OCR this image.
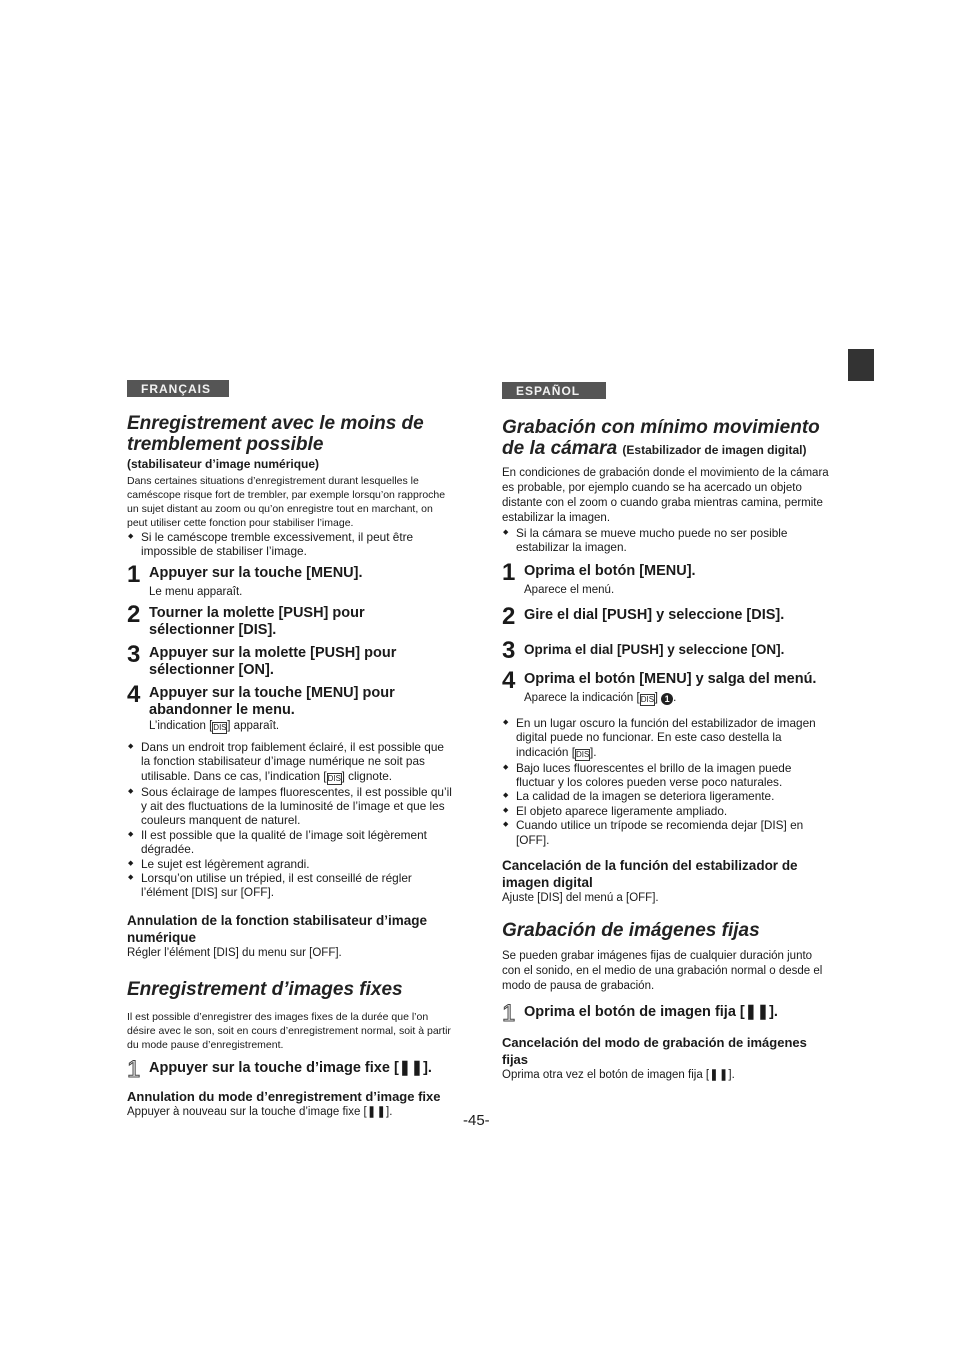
FRANÇAIS
Enregistrement avec le moins de tremblement possible

(stabilisateur d’image numérique)

Dans certaines situations d’enregistrement durant lesquelles le caméscope risque fort de trembler, par exemple lorsqu’on rapproche un sujet distant au zoom ou qu’on enregistre tout en marchant, on peut utiliser cette fonction pour stabiliser l’image.

◆ Si le caméscope tremble excessivement, il peut être impossible de stabiliser l’image.
1 Appuyer sur la touche [MENU].
Le menu apparaît.
2 Tourner la molette [PUSH] pour sélectionner [DIS].
3 Appuyer sur la molette [PUSH] pour sélectionner [ON].
4 Appuyer sur la touche [MENU] pour abandonner le menu.
L’indication [DIS] apparaît.
◆ Dans un endroit trop faiblement éclairé, il est possible que la fonction stabilisateur d’image numérique ne soit pas utilisable. Dans ce cas, l’indication [DIS] clignote.
◆ Sous éclairage de lampes fluorescentes, il est possible qu’il y ait des fluctuations de la luminosité de l’image et que les couleurs manquent de naturel.
◆ Il est possible que la qualité de l’image soit légèrement dégradée.
◆ Le sujet est légèrement agrandi.
◆ Lorsqu’on utilise un trépied, il est conseillé de régler l’élément [DIS] sur [OFF].

Annulation de la fonction stabilisateur d’image numérique

Régler l’élément [DIS] du menu sur [OFF].

Enregistrement d’images fixes

Il est possible d’enregistrer des images fixes de la durée que l’on désire avec le son, soit en cours d’enregistrement normal, soit à partir du mode pause d’enregistrement.

1 Appuyer sur la touche d’image fixe [❚❚].

Annulation du mode d’enregistrement d’image fixe

Appuyer à nouveau sur la touche d’image fixe [❚❚].

ESPAÑOL
Grabación con mínimo movimiento de la cámara (Estabilizador de imagen digital)

En condiciones de grabación donde el movimiento de la cámara es probable, por ejemplo cuando se ha acercado un objeto distante con el zoom o cuando graba mientras camina, permite estabilizar la imagen.

◆ Si la cámara se mueve mucho puede no ser posible estabilizar la imagen.
1 Oprima el botón [MENU].
Aparece el menú.
2 Gire el dial [PUSH] y seleccione [DIS].
3 Oprima el dial [PUSH] y seleccione [ON].
4 Oprima el botón [MENU] y salga del menú.
Aparece la indicación [DIS] 1 .
◆ En un lugar oscuro la función del estabilizador de imagen digital puede no funcionar. En este caso destella la indicación [DIS].
◆ Bajo luces fluorescentes el brillo de la imagen puede fluctuar y los colores pueden verse poco naturales.
◆ La calidad de la imagen se deteriora ligeramente.
◆ El objeto aparece ligeramente ampliado.
◆ Cuando utilice un trípode se recomienda dejar [DIS] en [OFF].

Cancelación de la función del estabilizador de imagen digital

Ajuste [DIS] del menú a [OFF].

Grabación de imágenes fijas

Se pueden grabar imágenes fijas de cualquier duración junto con el sonido, en el medio de una grabación normal o desde el modo de pausa de grabación.

1 Oprima el botón de imagen fija [❚❚].

Cancelación del modo de grabación de imágenes fijas

Oprima otra vez el botón de imagen fija [❚❚].

-45-
